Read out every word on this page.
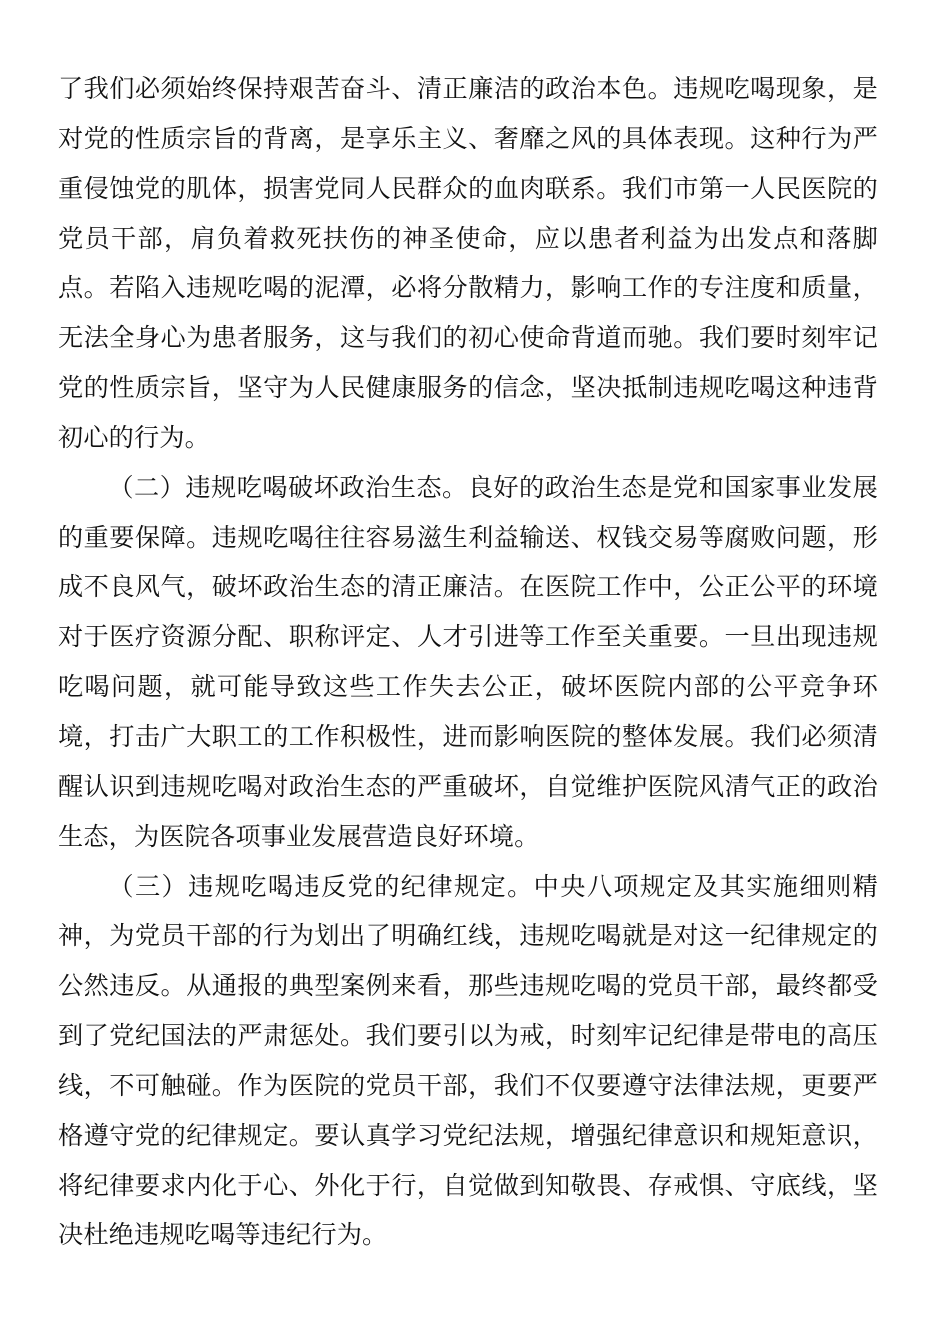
了我们必须始终保持艰苦奋斗、清正廉洁的政治本色。违规吃喝现象，是对党的性质宗旨的背离，是享乐主义、奢靡之风的具体表现。这种行为严重侵蚀党的肌体，损害党同人民群众的血肉联系。我们市第一人民医院的党员干部，肩负着救死扶伤的神圣使命，应以患者利益为出发点和落脚点。若陷入违规吃喝的泥潭，必将分散精力，影响工作的专注度和质量，无法全身心为患者服务，这与我们的初心使命背道而驰。我们要时刻牢记党的性质宗旨，坚守为人民健康服务的信念，坚决抵制违规吃喝这种违背初心的行为。

（二）违规吃喝破坏政治生态。良好的政治生态是党和国家事业发展的重要保障。违规吃喝往往容易滋生利益输送、权钱交易等腐败问题，形成不良风气，破坏政治生态的清正廉洁。在医院工作中，公正公平的环境对于医疗资源分配、职称评定、人才引进等工作至关重要。一旦出现违规吃喝问题，就可能导致这些工作失去公正，破坏医院内部的公平竞争环境，打击广大职工的工作积极性，进而影响医院的整体发展。我们必须清醒认识到违规吃喝对政治生态的严重破坏，自觉维护医院风清气正的政治生态，为医院各项事业发展营造良好环境。

（三）违规吃喝违反党的纪律规定。中央八项规定及其实施细则精神，为党员干部的行为划出了明确红线，违规吃喝就是对这一纪律规定的公然违反。从通报的典型案例来看，那些违规吃喝的党员干部，最终都受到了党纪国法的严肃惩处。我们要引以为戒，时刻牢记纪律是带电的高压线，不可触碰。作为医院的党员干部，我们不仅要遵守法律法规，更要严格遵守党的纪律规定。要认真学习党纪法规，增强纪律意识和规矩意识，将纪律要求内化于心、外化于行，自觉做到知敬畏、存戒惧、守底线，坚决杜绝违规吃喝等违纪行为。
